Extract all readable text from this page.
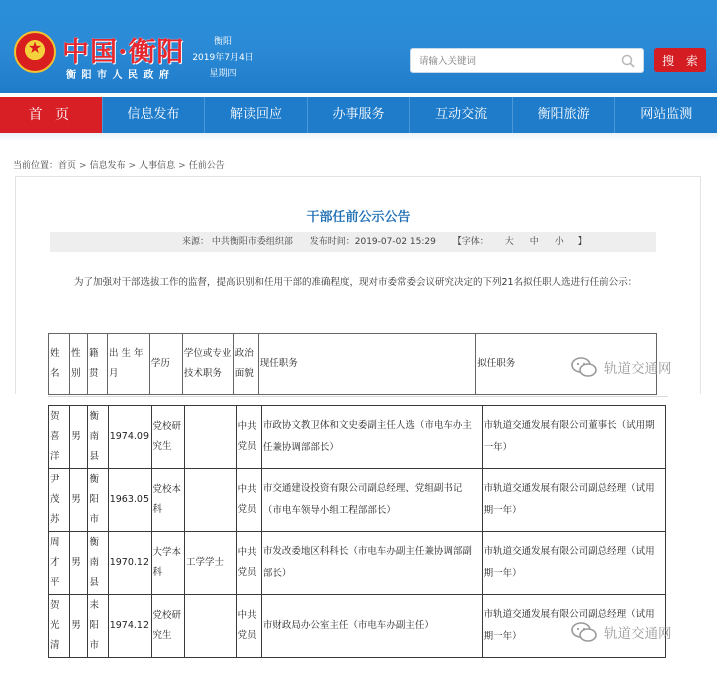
★
中国·衡阳
衡 阳 市 人 民 政 府
衡阳
2019年7月4日
星期四
请输入关键词
搜 索
首 页	信息发布	解读回应	办事服务	互动交流	衡阳旅游	网站监测
当前位置：首页 > 信息发布 > 人事信息 > 任前公告
干部任前公示公告
来源： 中共衡阳市委组织部 发布时间：2019-07-02 15:29 【字体： 大 中 小 】
为了加强对干部选拔工作的监督，提高识别和任用干部的准确程度，现对市委常委会议研究决定的下列21名拟任职人选进行任前公示：
姓名	性别	籍贯	出 生 年 月	学历	学位或专业技术职务	政治面貌	现任职务	拟任职务
贺喜洋	男	衡南县	1974.09	党校研究生		中共党员	市政协文教卫体和文史委副主任人选（市电车办主任兼协调部部长）	市轨道交通发展有限公司董事长（试用期一年）
尹茂苏	男	衡阳市	1963.05	党校本科		中共党员	市交通建设投资有限公司副总经理、党组副书记（市电车领导小组工程部部长）	市轨道交通发展有限公司副总经理（试用期一年）
周才平	男	衡南县	1970.12	大学本科	工学学士	中共党员	市发改委地区科科长（市电车办副主任兼协调部副部长）	市轨道交通发展有限公司副总经理（试用期一年）
贺光清	男	耒阳市	1974.12	党校研究生		中共党员	市财政局办公室主任（市电车办副主任）	市轨道交通发展有限公司副总经理（试用期一年）
轨道交通网
轨道交通网
